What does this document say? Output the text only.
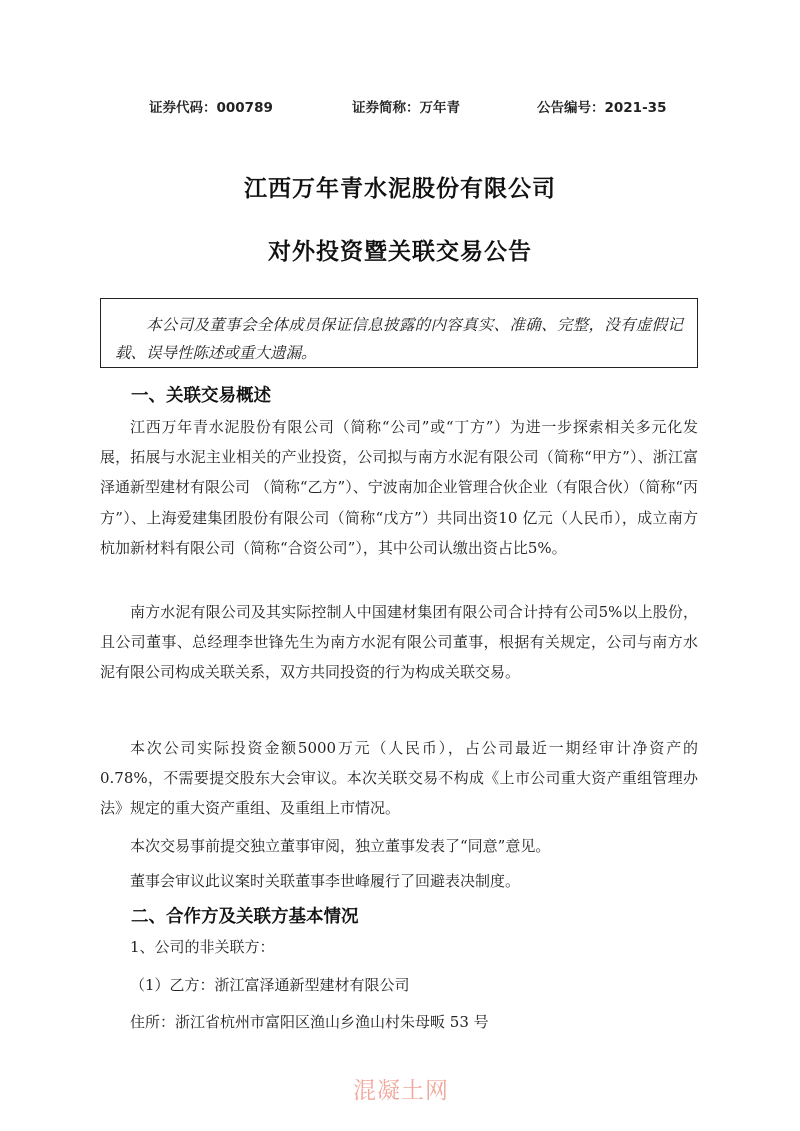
证券代码：000789	证券简称：万年青	公告编号：2021-35
江西万年青水泥股份有限公司
对外投资暨关联交易公告

本公司及董事会全体成员保证信息披露的内容真实、准确、完整，没有虚假记载、误导性陈述或重大遗漏。

一、关联交易概述

江西万年青水泥股份有限公司（简称“公司”或“丁方”）为进一步探索相关多元化发展，拓展与水泥主业相关的产业投资，公司拟与南方水泥有限公司（简称“甲方”）、浙江富泽通新型建材有限公司 （简称“乙方”）、宁波南加企业管理合伙企业（有限合伙）（简称“丙方”）、上海爱建集团股份有限公司（简称“戊方”）共同出资10 亿元（人民币），成立南方杭加新材料有限公司（简称“合资公司”），其中公司认缴出资占比5%。

南方水泥有限公司及其实际控制人中国建材集团有限公司合计持有公司5%以上股份，且公司董事、总经理李世锋先生为南方水泥有限公司董事，根据有关规定，公司与南方水泥有限公司构成关联关系，双方共同投资的行为构成关联交易。

本次公司实际投资金额5000万元（人民币），占公司最近一期经审计净资产的0.78%，不需要提交股东大会审议。本次关联交易不构成《上市公司重大资产重组管理办法》规定的重大资产重组、及重组上市情况。

本次交易事前提交独立董事审阅，独立董事发表了“同意”意见。

董事会审议此议案时关联董事李世峰履行了回避表决制度。

二、合作方及关联方基本情况

1、公司的非关联方：

（1）乙方：浙江富泽通新型建材有限公司

住所：浙江省杭州市富阳区渔山乡渔山村朱母畈 53 号

混凝土网
